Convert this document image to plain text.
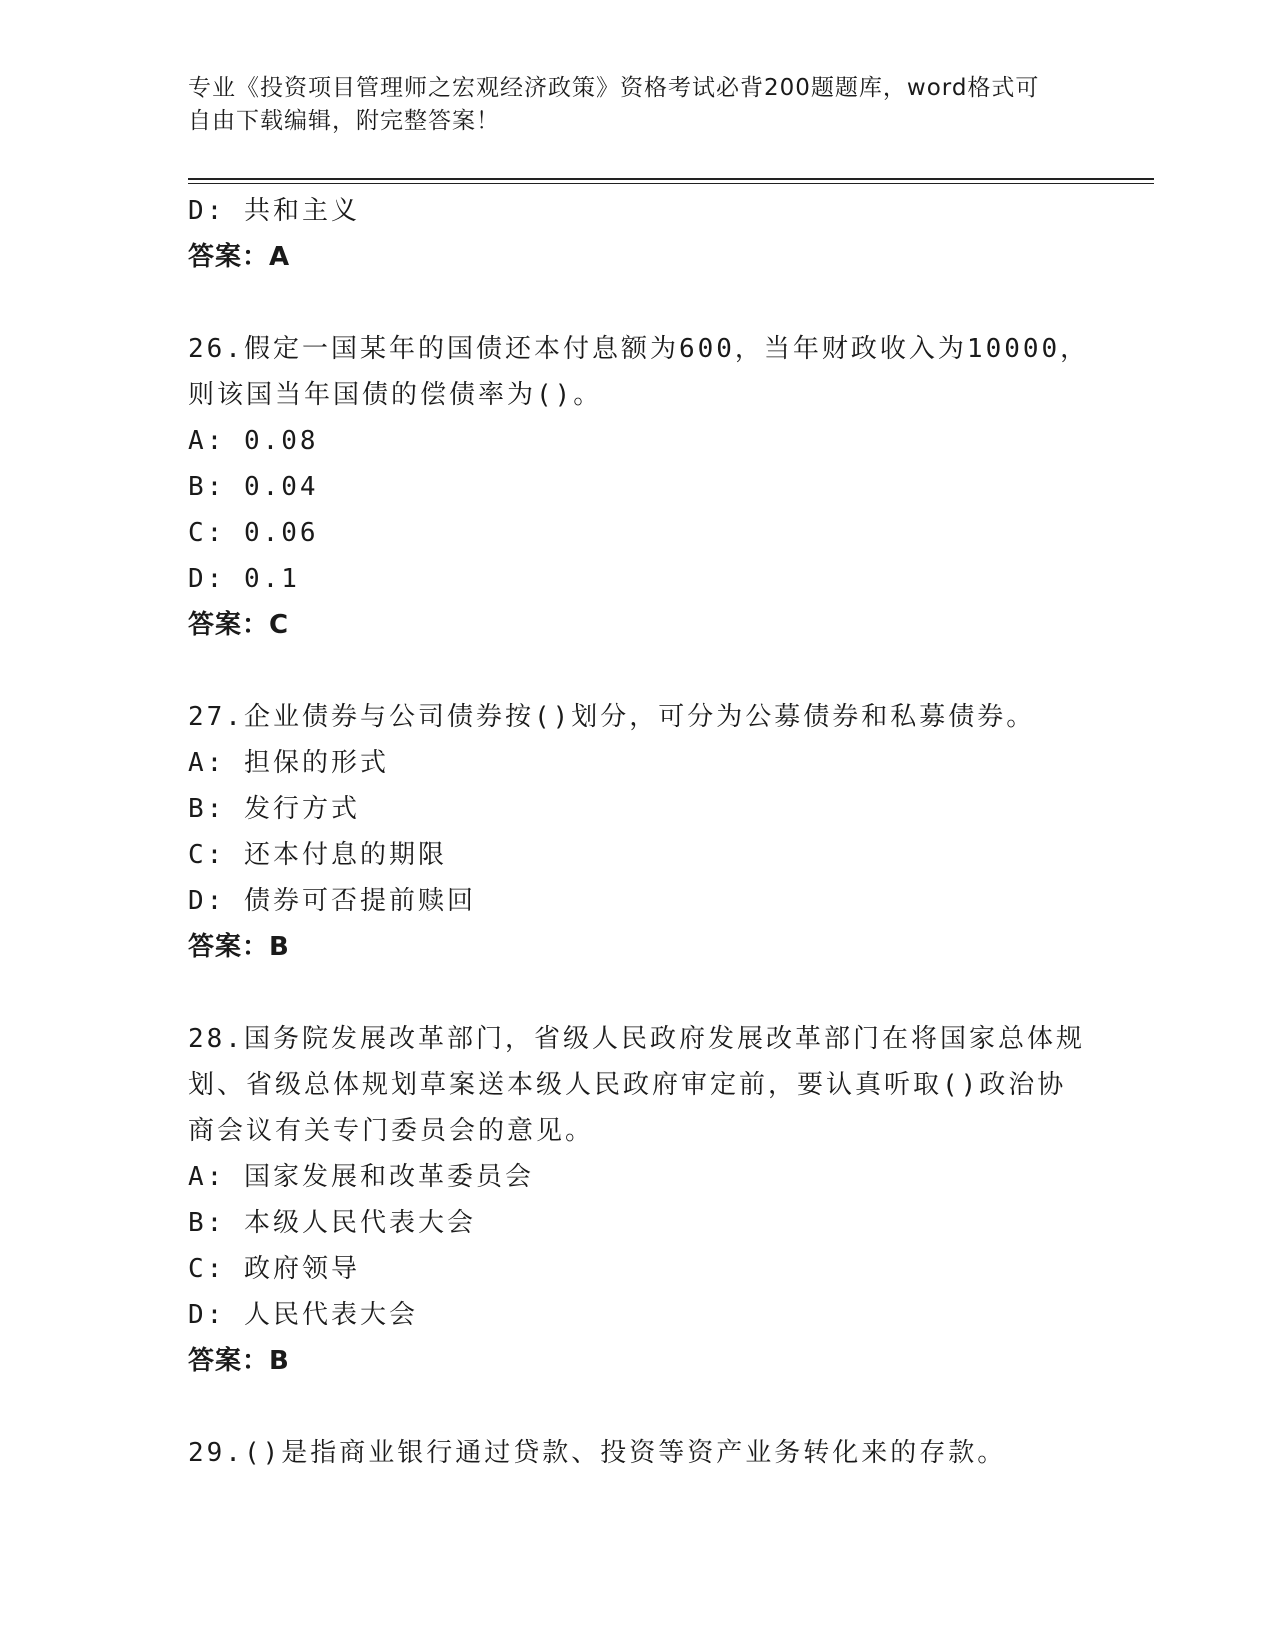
专业《投资项目管理师之宏观经济政策》资格考试必背200题题库，word格式可
自由下载编辑，附完整答案！
D: 共和主义
答案：A
26.假定一国某年的国债还本付息额为600，当年财政收入为10000，
则该国当年国债的偿债率为()。
A: 0.08
B: 0.04
C: 0.06
D: 0.1
答案：C
27.企业债券与公司债券按()划分，可分为公募债券和私募债券。
A: 担保的形式
B: 发行方式
C: 还本付息的期限
D: 债券可否提前赎回
答案：B
28.国务院发展改革部门，省级人民政府发展改革部门在将国家总体规
划、省级总体规划草案送本级人民政府审定前，要认真听取()政治协
商会议有关专门委员会的意见。
A: 国家发展和改革委员会
B: 本级人民代表大会
C: 政府领导
D: 人民代表大会
答案：B
29.()是指商业银行通过贷款、投资等资产业务转化来的存款。
